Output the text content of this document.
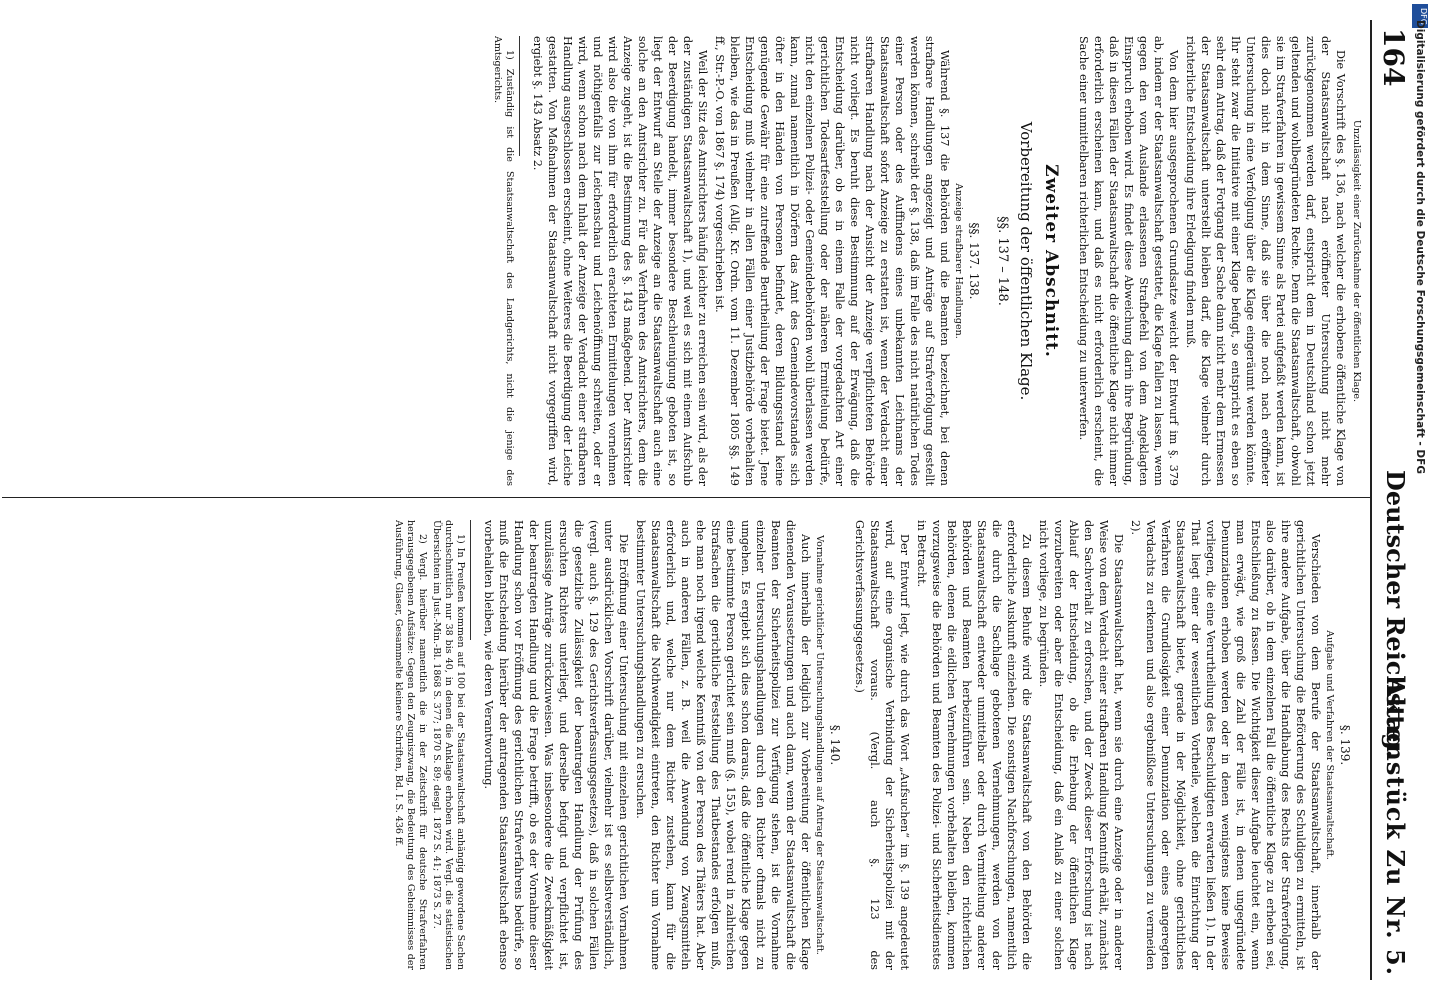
164
Deutscher Reichstag.
Aktenstück Zu Nr. 5.

Unzulässigkeit einer Zurücknahme der öffentlichen Klage.

Die Vorschrift des §. 136, nach welcher die erhobene öffentliche Klage von der Staatsanwaltschaft nach eröffneter Untersuchung nicht mehr zurückgenommen werden darf, entspricht dem in Deutschland schon jetzt geltenden und wohlbegründeten Rechte. Denn die Staatsanwaltschaft, obwohl sie im Strafverfahren in gewissem Sinne als Partei aufgefaßt werden kann, ist dies doch nicht in dem Sinne, daß sie über die noch nach eröffneter Untersuchung in eine Verfolgung über die Klage eingeräumt werden könnte. Ihr steht zwar die Initiative mit einer Klage befugt, so entspricht es eben so sehr dem Antrag, daß der Fortgang der Sache dann nicht mehr dem Ermessen der Staatsanwaltschaft unterstellt bleiben darf, die Klage vielmehr durch richterliche Entscheidung ihre Erledigung finden muß.

Von dem hier ausgesprochenen Grundsatze weicht der Entwurf im §. 379 ab, indem er der Staatsanwaltschaft gestattet, die Klage fallen zu lassen, wenn gegen den vom Auslande erlassenen Strafbefehl von dem Angeklagten Einspruch erhoben wird. Es findet diese Abweichung darin ihre Begründung, daß in diesen Fällen der Staatsanwaltschaft die öffentliche Klage nicht immer erforderlich erscheinen kann, und daß es nicht erforderlich erscheint, die Sache einer unmittelbaren richterlichen Entscheidung zu unterwerfen.

Zweiter Abschnitt.
Vorbereitung der öffentlichen Klage.
§§. 137 – 148.
§§. 137. 138.
Anzeige strafbarer Handlungen.

Während §. 137 die Behörden und die Beamten bezeichnet, bei denen strafbare Handlungen angezeigt und Anträge auf Strafverfolgung gestellt werden können, schreibt der §. 138, daß im Falle des nicht natürlichen Todes einer Person oder des Auffindens eines unbekannten Leichnams der Staatsanwaltschaft sofort Anzeige zu erstatten ist, wenn der Verdacht einer strafbaren Handlung nach der Ansicht der Anzeige verpflichteten Behörde nicht vorliegt. Es beruht diese Bestimmung auf der Erwägung, daß die Entscheidung darüber, ob es in einem Falle der vorgedachten Art einer gerichtlichen Todesartfeststellung oder der näheren Ermittelung bedürfe, nicht den einzelnen Polizei- oder Gemeindebehörden wohl überlassen werden kann, zumal namentlich in Dörfern das Amt des Gemeindevorstandes sich öfter in den Händen von Personen befindet, deren Bildungsstand keine genügende Gewähr für eine zutreffende Beurtheilung der Frage bietet. Jene Entscheidung muß vielmehr in allen Fällen einer Justizbehörde vorbehalten bleiben, wie das in Preußen (Allg. Kr. Ordn. vom 11. Dezember 1805 §§. 149 ff., Str.-P.-O. von 1867 §. 174) vorgeschrieben ist.

Weil der Sitz des Amtsrichters häufig leichter zu erreichen sein wird, als der der zuständigen Staatsanwaltschaft 1), und weil es sich mit einem Aufschub der Beerdigung handelt, immer besondere Beschleunigung geboten ist, so liegt der Entwurf an Stelle der Anzeige an die Staatsanwaltschaft auch eine solche an den Amtsrichter zu. Für das Verfahren des Amtsrichters, dem die Anzeige zugeht, ist die Bestimmung des §. 143 maßgebend. Der Amtsrichter wird also die von ihm für erforderlich erachteten Ermittelungen vornehmen und nöthigenfalls zur Leichenschau und Leichenöffnung schreiten, oder er wird, wenn schon nach dem Inhalt der Anzeige der Verdacht einer strafbaren Handlung ausgeschlossen erscheint, ohne Weiteres die Beerdigung der Leiche gestatten. Von Maßnahmen der Staatsanwaltschaft nicht vorgegriffen wird, ergiebt §. 143 Absatz 2.

1) Zuständig ist die Staatsanwaltschaft des Landgerichts, nicht die jenige des Amtsgerichts.

§. 139.
Aufgabe und Verfahren der Staatsanwaltschaft.

Verschieden von dem Berufe der Staatsanwaltschaft, innerhalb der gerichtlichen Untersuchung die Beförderung des Schuldigen zu ermitteln, ist ihre andere Aufgabe, über die Handhabung des Rechts der Strafverfolgung, also darüber, ob in dem einzelnen Fall die öffentliche Klage zu erheben sei, Entschließung zu fassen. Die Wichtigkeit dieser Aufgabe leuchtet ein, wenn man erwägt, wie groß die Zahl der Fälle ist, in denen ungegründete Denunziationen erhoben werden oder in denen wenigstens keine Beweise vorliegen, die eine Verurtheilung des Beschuldigten erwarten ließen 1). In der That liegt einer der wesentlichen Vortheile, welchen die Einrichtung der Staatsanwaltschaft bietet, gerade in der Möglichkeit, ohne gerichtliches Verfahren die Grundlosigkeit einer Denunziation oder eines angeregten Verdachts zu erkennen und also ergebnißlose Untersuchungen zu vermeiden 2).

Die Staatsanwaltschaft hat, wenn sie durch eine Anzeige oder in anderer Weise von dem Verdacht einer strafbaren Handlung Kenntniß erhält, zunächst den Sachverhalt zu erforschen, und der Zweck dieser Erforschung ist nach Ablauf der Entscheidung, ob die Erhebung der öffentlichen Klage vorzubereiten oder aber die Entscheidung, daß ein Anlaß zu einer solchen nicht vorliege, zu begründen.

Zu diesem Behufe wird die Staatsanwaltschaft von den Behörden die erforderliche Auskunft einziehen. Die sonstigen Nachforschungen, namentlich die durch die Sachlage gebotenen Vernehmungen, werden von der Staatsanwaltschaft entweder unmittelbar oder durch Vermittelung anderer Behörden und Beamten herbeizuführen sein. Neben den richterlichen Behörden, denen die eidlichen Vernehmungen vorbehalten bleiben, kommen vorzugsweise die Behörden und Beamten des Polizei- und Sicherheitsdienstes in Betracht.

Der Entwurf legt, wie durch das Wort „Aufsuchen“ im §. 139 angedeutet wird, auf eine organische Verbindung der Sicherheitspolizei mit der Staatsanwaltschaft voraus. (Vergl. auch §. 123 des Gerichtsverfassungsgesetzes.)

§. 140.
Vornahme gerichtlicher Untersuchungshandlungen auf Antrag der Staatsanwaltschaft.

Auch innerhalb der lediglich zur Vorbereitung der öffentlichen Klage dienenden Voraussetzungen und auch dann, wenn der Staatsanwaltschaft die Beamten der Sicherheitspolizei zur Verfügung stehen, ist die Vornahme einzelner Untersuchungshandlungen durch den Richter oftmals nicht zu umgehen. Es ergiebt sich dies schon daraus, daß die öffentliche Klage gegen eine bestimmte Person gerichtet sein muß (§. 155), wobei rend in zahlreichen Strafsachen die gerichtliche Feststellung des Thatbestandes erfolgen muß, ehe man noch irgend welche Kenntniß von der Person des Thäters hat. Aber auch in anderen Fällen, z. B. weil die Anwendung von Zwangsmitteln erforderlich und, welche nur dem Richter zustehen, kann für die Staatsanwaltschaft die Nothwendigkeit eintreten, den Richter um Vornahme bestimmter Untersuchungshandlungen zu ersuchen.

Die Eröffnung einer Untersuchung mit einzelnen gerichtlichen Vornahmen unter ausdrücklichen Vorschrift darüber, vielmehr ist es selbstverständlich, (vergl. auch §. 129 des Gerichtsverfassungsgesetzes), daß in solchen Fällen die gesetzliche Zulässigkeit der beantragten Handlung der Prüfung des ersuchten Richters unterliegt, und derselbe befugt und verpflichtet ist, unzulässige Anträge zurückzuweisen. Was insbesondere die Zweckmäßigkeit der beantragten Handlung und die Frage betrifft, ob es der Vornahme dieser Handlung schon vor Eröffnung des gerichtlichen Strafverfahrens bedürfe, so muß die Entscheidung hierüber der antragenden Staatsanwaltschaft ebenso vorbehalten bleiben, wie deren Verantwortung.

1) In Preußen kommen auf 100 bei der Staatsanwaltschaft anhängig gewordene Sachen durchschnittlich nur 38 bis 40, in denen die Anklage erhoben wird. Vergl. die statistischen Übersichten im Just.-Min.-Bl. 1868 S. 377; 1870 S. 89; desgl. 1872 S. 41; 1873 S. 27.

2) Vergl. hierüber namentlich die in der Zeitschrift für deutsche Strafverfahren herausgegebenen Aufsätze: Gegen den Zeugniszwang, die Bedeutung des Geheimnisses der Ausführung, Glaser, Gesammelte kleinere Schriften, Bd. I. S. 436 ff.

DFG
Digitalisierung gefördert durch die Deutsche Forschungsgemeinschaft - DFG
